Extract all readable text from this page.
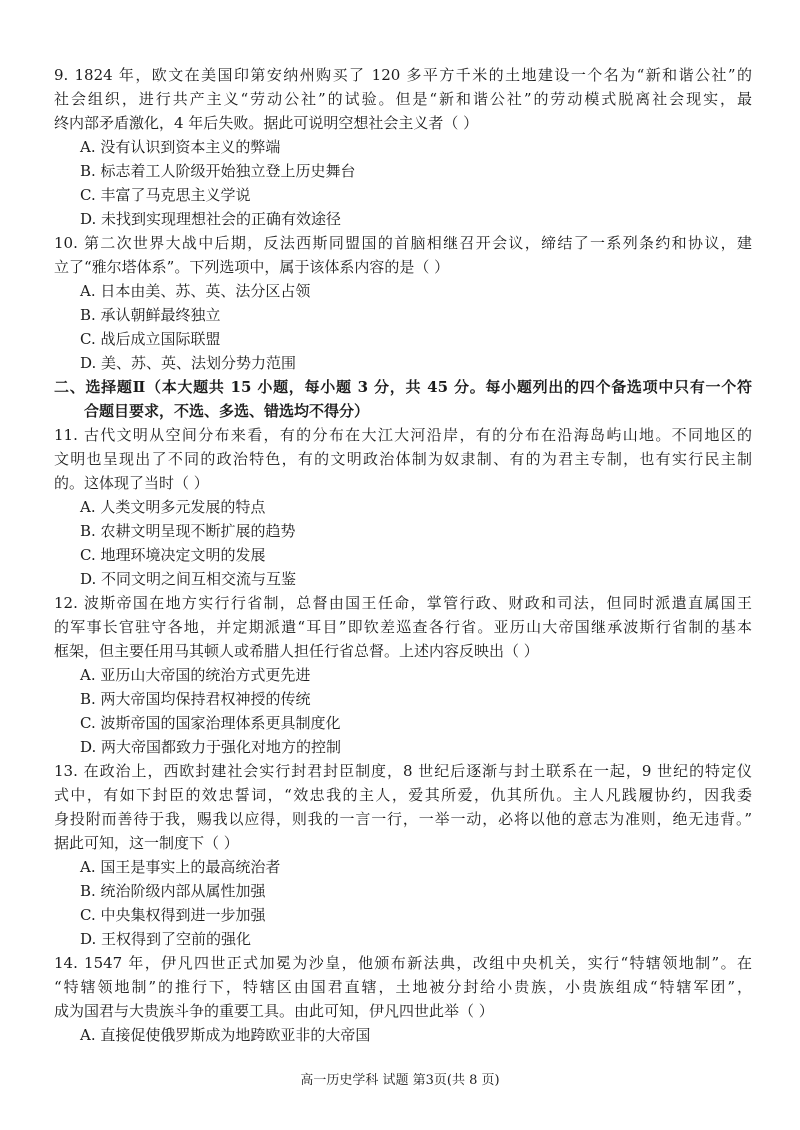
9. 1824 年，欧文在美国印第安纳州购买了 120 多平方千米的土地建设一个名为“新和谐公社”的
社会组织，进行共产主义“劳动公社”的试验。但是“新和谐公社”的劳动模式脱离社会现实，最
终内部矛盾激化，4 年后失败。据此可说明空想社会主义者（ ）
A. 没有认识到资本主义的弊端
B. 标志着工人阶级开始独立登上历史舞台
C. 丰富了马克思主义学说
D. 未找到实现理想社会的正确有效途径
10. 第二次世界大战中后期，反法西斯同盟国的首脑相继召开会议，缔结了一系列条约和协议，建
立了“雅尔塔体系”。下列选项中，属于该体系内容的是（ ）
A. 日本由美、苏、英、法分区占领
B. 承认朝鲜最终独立
C. 战后成立国际联盟
D. 美、苏、英、法划分势力范围
二、选择题Ⅱ（本大题共 15 小题，每小题 3 分，共 45 分。每小题列出的四个备选项中只有一个符
合题目要求，不选、多选、错选均不得分）
11. 古代文明从空间分布来看，有的分布在大江大河沿岸，有的分布在沿海岛屿山地。不同地区的
文明也呈现出了不同的政治特色，有的文明政治体制为奴隶制、有的为君主专制，也有实行民主制
的。这体现了当时（ ）
A. 人类文明多元发展的特点
B. 农耕文明呈现不断扩展的趋势
C. 地理环境决定文明的发展
D. 不同文明之间互相交流与互鉴
12. 波斯帝国在地方实行行省制，总督由国王任命，掌管行政、财政和司法，但同时派遣直属国王
的军事长官驻守各地，并定期派遣“耳目”即钦差巡查各行省。亚历山大帝国继承波斯行省制的基本
框架，但主要任用马其顿人或希腊人担任行省总督。上述内容反映出（ ）
A. 亚历山大帝国的统治方式更先进
B. 两大帝国均保持君权神授的传统
C. 波斯帝国的国家治理体系更具制度化
D. 两大帝国都致力于强化对地方的控制
13. 在政治上，西欧封建社会实行封君封臣制度，8 世纪后逐渐与封土联系在一起，9 世纪的特定仪
式中，有如下封臣的效忠誓词，“效忠我的主人，爱其所爱，仇其所仇。主人凡践履协约，因我委
身投附而善待于我，赐我以应得，则我的一言一行，一举一动，必将以他的意志为准则，绝无违背。”
据此可知，这一制度下（ ）
A. 国王是事实上的最高统治者
B. 统治阶级内部从属性加强
C. 中央集权得到进一步加强
D. 王权得到了空前的强化
14. 1547 年，伊凡四世正式加冕为沙皇，他颁布新法典，改组中央机关，实行“特辖领地制”。在
“特辖领地制”的推行下，特辖区由国君直辖，土地被分封给小贵族，小贵族组成“特辖军团”，
成为国君与大贵族斗争的重要工具。由此可知，伊凡四世此举（ ）
A. 直接促使俄罗斯成为地跨欧亚非的大帝国
高一历史学科 试题 第3页(共 8 页)
